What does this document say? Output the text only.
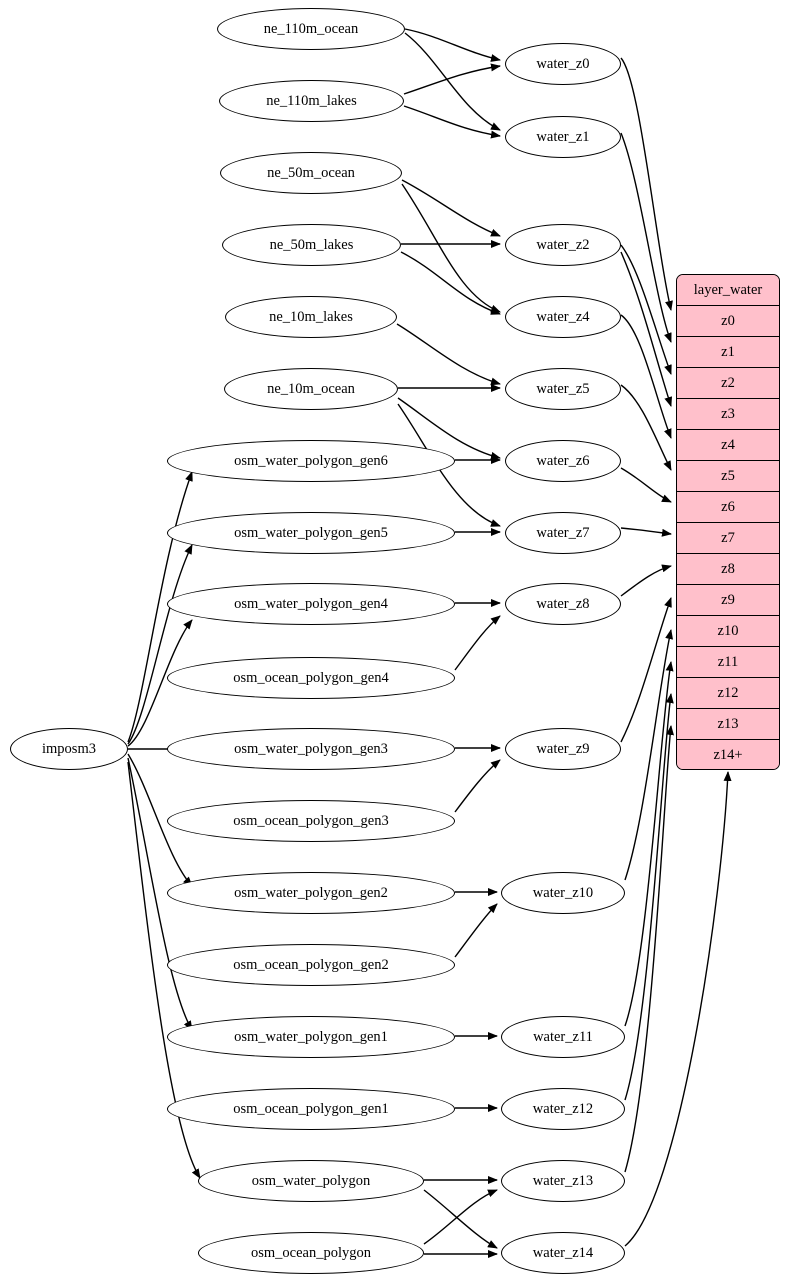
imposm3
ne_110m_ocean
ne_110m_lakes
ne_50m_ocean
ne_50m_lakes
ne_10m_lakes
ne_10m_ocean
osm_water_polygon_gen6
osm_water_polygon_gen5
osm_water_polygon_gen4
osm_ocean_polygon_gen4
osm_water_polygon_gen3
osm_ocean_polygon_gen3
osm_water_polygon_gen2
osm_ocean_polygon_gen2
osm_water_polygon_gen1
osm_ocean_polygon_gen1
osm_water_polygon
osm_ocean_polygon
water_z0
water_z1
water_z2
water_z4
water_z5
water_z6
water_z7
water_z8
water_z9
water_z10
water_z11
water_z12
water_z13
water_z14
layer_water
z0
z1
z2
z3
z4
z5
z6
z7
z8
z9
z10
z11
z12
z13
z14+
